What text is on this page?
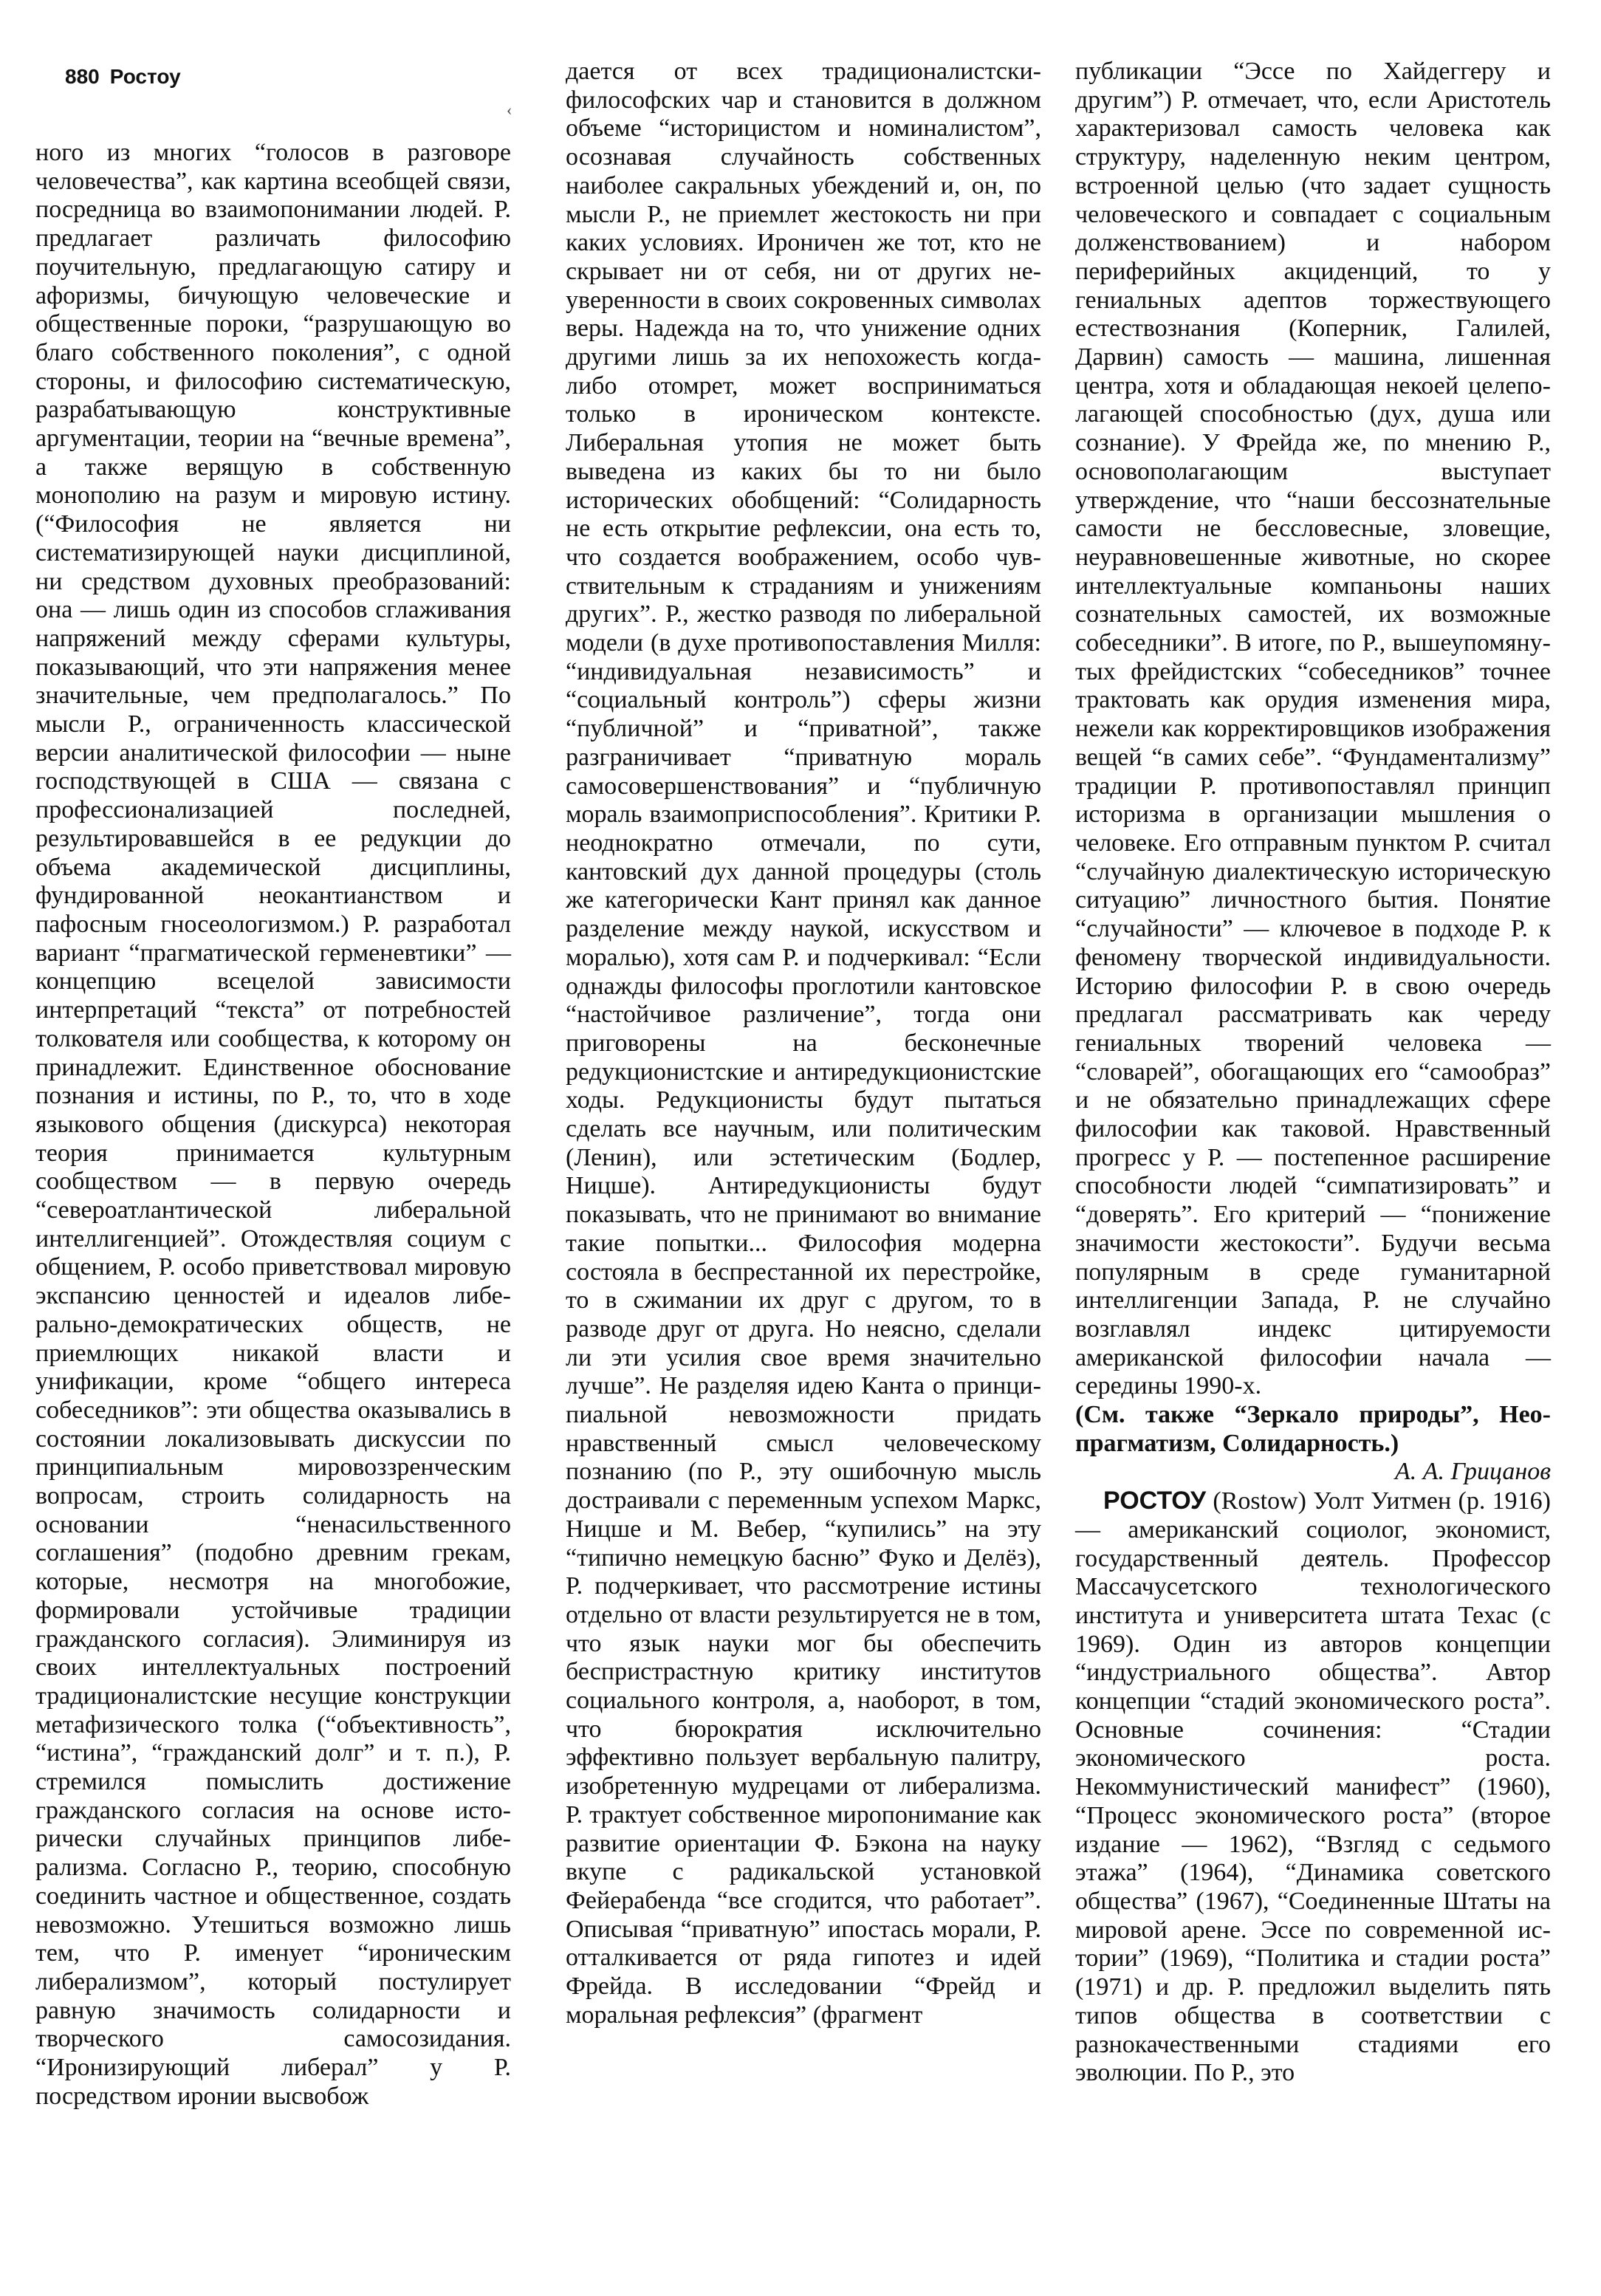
880 Ростоу
‹

ного из многих “голосов в разговоре человечества”, как картина всеобщей связи, посредница во взаимопонимании людей. Р. предлагает различать философию поучительную, предлагающую сатиру и афоризмы, бичующую человеческие и общественные пороки, “разрушающую во благо собственного поколения”, с одной стороны, и философию систематическую, разрабатывающую конструктивные аргументации, теории на “вечные времена”, а также верящую в собственную монополию на разум и мировую истину. (“Философия не является ни систематизирующей науки дисциплиной, ни средством духовных преобразований: она — лишь один из способов сглаживания напряжений между сферами культуры, показывающий, что эти напряжения менее значительные, чем предполагалось.” По мысли Р., ограниченность классической версии аналитической философии — ныне господствующей в США — связана с профессионализацией последней, результировавшейся в ее редукции до объема академической дисциплины, фундированной неокантианством и пафосным гносеологизмом.) Р. разработал вариант “прагматической герменевтики” — концепцию всецелой зависимости интерпретаций “текста” от потребностей толкователя или сообщества, к которому он принадлежит. Единственное обоснование познания и истины, по Р., то, что в ходе языкового общения (дискурса) некоторая теория принимается культурным сообществом — в первую очередь “североатлантической либеральной интеллигенцией”. Отождествляя социум с общением, Р. особо приветствовал мировую экспансию ценностей и идеалов либерально-демократических обществ, не приемлющих никакой власти и унификации, кроме “общего интереса собеседников”: эти общества оказывались в состоянии локализовывать дискуссии по принципиальным мировоззренческим вопросам, строить солидарность на основании “ненасильственного соглашения” (подобно древним грекам, которые, несмотря на многобожие, формировали устойчивые традиции гражданского согласия). Элиминируя из своих интеллектуальных построений традиционалистские несущие конструкции метафизического толка (“объективность”, “истина”, “гражданский долг” и т. п.), Р. стремился помыслить достижение гражданского согласия на основе исторически случайных принципов либерализма. Согласно Р., теорию, способную соединить частное и общественное, создать невозможно. Утешиться возможно лишь тем, что Р. именует “ироническим либерализмом”, который постулирует равную значимость солидарности и творческого самосозидания. “Иронизирующий либерал” у Р. посредством иронии высвобож

дается от всех традиционалистски-философских чар и становится в должном объеме “историцистом и номиналистом”, осознавая случайность собственных наиболее сакральных убеждений и, он, по мысли Р., не приемлет жестокость ни при каких условиях. Ироничен же тот, кто не скрывает ни от себя, ни от других неуверенности в своих сокровенных символах веры. Надежда на то, что унижение одних другими лишь за их непохожесть когда-либо отомрет, может восприниматься только в ироническом контексте. Либеральная утопия не может быть выведена из каких бы то ни было исторических обобщений: “Солидарность не есть открытие рефлексии, она есть то, что создается воображением, особо чувствительным к страданиям и унижениям других”. Р., жестко разводя по либеральной модели (в духе противопоставления Милля: “индивидуальная независимость” и “социальный контроль”) сферы жизни “публичной” и “приватной”, также разграничивает “приватную мораль самосовершенствования” и “публичную мораль взаимоприспособления”. Критики Р. неоднократно отмечали, по сути, кантовский дух данной процедуры (столь же категорически Кант принял как данное разделение между наукой, искусством и моралью), хотя сам Р. и подчеркивал: “Если однажды философы проглотили кантовское “настойчивое различение”, тогда они приговорены на бесконечные редукционистские и антиредукционистские ходы. Редукционисты будут пытаться сделать все научным, или политическим (Ленин), или эстетическим (Бодлер, Ницше). Антиредукционисты будут показывать, что не принимают во внимание такие попытки... Философия модерна состояла в беспрестанной их перестройке, то в сжимании их друг с другом, то в разводе друг от друга. Но неясно, сделали ли эти усилия свое время значительно лучше”. Не разделяя идею Канта о принципиальной невозможности придать нравственный смысл человеческому познанию (по Р., эту ошибочную мысль достраивали с переменным успехом Маркс, Ницше и М. Вебер, “купились” на эту “типично немецкую басню” Фуко и Делёз), Р. подчеркивает, что рассмотрение истины отдельно от власти результируется не в том, что язык науки мог бы обеспечить беспристрастную критику институтов социального контроля, а, наоборот, в том, что бюрократия исключительно эффективно пользует вербальную палитру, изобретенную мудрецами от либерализма. Р. трактует собственное миропонимание как развитие ориентации Ф. Бэкона на науку вкупе с радикальской установкой Фейерабенда “все сгодится, что работает”. Описывая “приватную” ипостась морали, Р. отталкивается от ряда гипотез и идей Фрейда. В исследовании “Фрейд и моральная рефлексия” (фрагмент

публикации “Эссе по Хайдеггеру и другим”) Р. отмечает, что, если Аристотель характеризовал самость человека как структуру, наделенную неким центром, встроенной целью (что задает сущность человеческого и совпадает с социальным долженствованием) и набором периферийных акциденций, то у гениальных адептов торжествующего естествознания (Коперник, Галилей, Дарвин) самость — машина, лишенная центра, хотя и обладающая некоей целеполагающей способностью (дух, душа или сознание). У Фрейда же, по мнению Р., основополагающим выступает утверждение, что “наши бессознательные самости не бессловесные, зловещие, неуравновешенные животные, но скорее интеллектуальные компаньоны наших сознательных самостей, их возможные собеседники”. В итоге, по Р., вышеупомянутых фрейдистских “собеседников” точнее трактовать как орудия изменения мира, нежели как корректировщиков изображения вещей “в самих себе”. “Фундаментализму” традиции Р. противопоставлял принцип историзма в организации мышления о человеке. Его отправным пунктом Р. считал “случайную диалектическую историческую ситуацию” личностного бытия. Понятие “случайности” — ключевое в подходе Р. к феномену творческой индивидуальности. Историю философии Р. в свою очередь предлагал рассматривать как череду гениальных творений человека — “словарей”, обогащающих его “самообраз” и не обязательно принадлежащих сфере философии как таковой. Нравственный прогресс у Р. — постепенное расширение способности людей “симпатизировать” и “доверять”. Его критерий — “понижение значимости жестокости”. Будучи весьма популярным в среде гуманитарной интеллигенции Запада, Р. не случайно возглавлял индекс цитируемости американской философии начала — середины 1990-х.

(См. также “Зеркало природы”, Неопрагматизм, Солидарность.)

А. А. Грицанов

РОСТОУ (Rostow) Уолт Уитмен (р. 1916) — американский социолог, экономист, государственный деятель. Профессор Массачусетского технологического института и университета штата Техас (с 1969). Один из авторов концепции “индустриального общества”. Автор концепции “стадий экономического роста”. Основные сочинения: “Стадии экономического роста. Некоммунистический манифест” (1960), “Процесс экономического роста” (второе издание — 1962), “Взгляд с седьмого этажа” (1964), “Динамика советского общества” (1967), “Соединенные Штаты на мировой арене. Эссе по современной истории” (1969), “Политика и стадии роста” (1971) и др. Р. предложил выделить пять типов общества в соответствии с разнокачественными стадиями его эволюции. По Р., это
